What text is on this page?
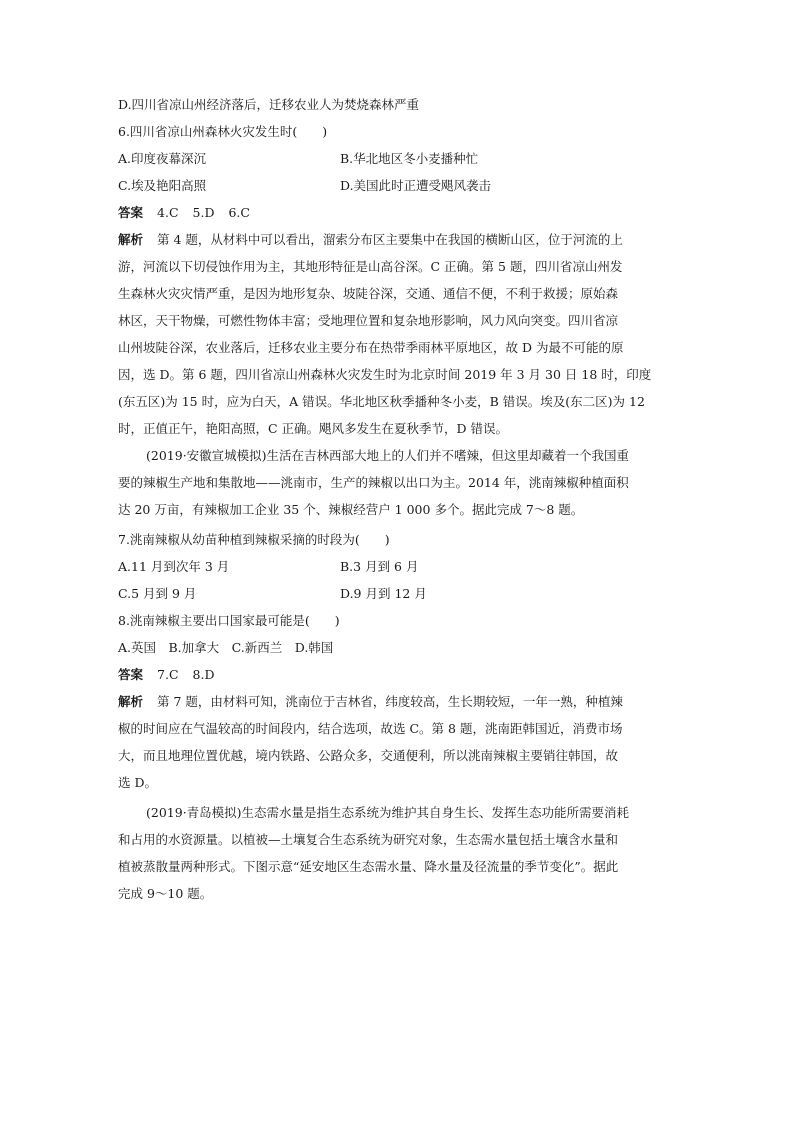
D.四川省凉山州经济落后，迁移农业人为焚烧森林严重
6.四川省凉山州森林火灾发生时(　　)
A.印度夜幕深沉	B.华北地区冬小麦播种忙
C.埃及艳阳高照	D.美国此时正遭受飓风袭击
答案 4.C 5.D 6.C
解析 第 4 题，从材料中可以看出，溜索分布区主要集中在我国的横断山区，位于河流的上
游，河流以下切侵蚀作用为主，其地形特征是山高谷深。C 正确。第 5 题，四川省凉山州发
生森林火灾灾情严重，是因为地形复杂、坡陡谷深，交通、通信不便，不利于救援；原始森
林区，天干物燥，可燃性物体丰富；受地理位置和复杂地形影响，风力风向突变。四川省凉
山州坡陡谷深，农业落后，迁移农业主要分布在热带季雨林平原地区，故 D 为最不可能的原
因，选 D。第 6 题，四川省凉山州森林火灾发生时为北京时间 2019 年 3 月 30 日 18 时，印度
(东五区)为 15 时，应为白天，A 错误。华北地区秋季播种冬小麦，B 错误。埃及(东二区)为 12
时，正值正午，艳阳高照，C 正确。飓风多发生在夏秋季节，D 错误。
(2019·安徽宣城模拟)生活在吉林西部大地上的人们并不嗜辣，但这里却藏着一个我国重
要的辣椒生产地和集散地——洮南市，生产的辣椒以出口为主。2014 年，洮南辣椒种植面积
达 20 万亩，有辣椒加工企业 35 个、辣椒经营户 1 000 多个。据此完成 7～8 题。
7.洮南辣椒从幼苗种植到辣椒采摘的时段为(　　)
A.11 月到次年 3 月	B.3 月到 6 月
C.5 月到 9 月	D.9 月到 12 月
8.洮南辣椒主要出口国家最可能是(　　)
A.英国　B.加拿大　C.新西兰　D.韩国
答案 7.C 8.D
解析 第 7 题，由材料可知，洮南位于吉林省，纬度较高，生长期较短，一年一熟，种植辣
椒的时间应在气温较高的时间段内，结合选项，故选 C。第 8 题，洮南距韩国近，消费市场
大，而且地理位置优越，境内铁路、公路众多，交通便利，所以洮南辣椒主要销往韩国，故
选 D。
(2019·青岛模拟)生态需水量是指生态系统为维护其自身生长、发挥生态功能所需要消耗
和占用的水资源量。以植被—土壤复合生态系统为研究对象，生态需水量包括土壤含水量和
植被蒸散量两种形式。下图示意“延安地区生态需水量、降水量及径流量的季节变化”。据此
完成 9～10 题。
